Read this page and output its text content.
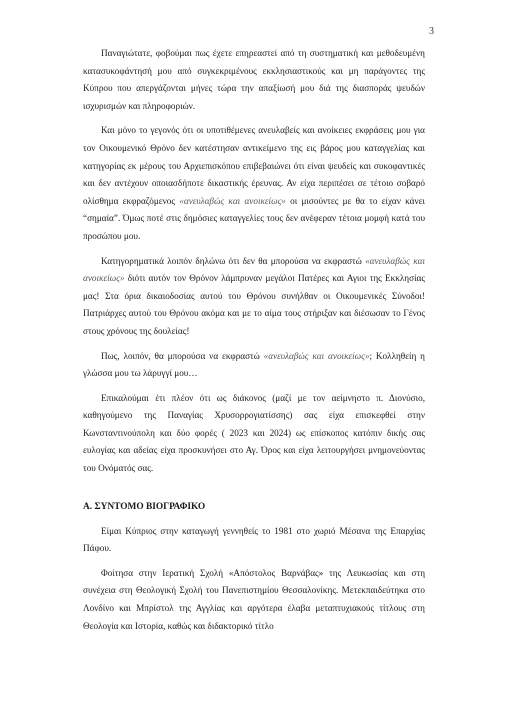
3

Παναγιώτατε, φοβούμαι πως έχετε επηρεαστεί από τη συστηματική και μεθοδευμένη κατασυκοφάντησή μου από συγκεκριμένους εκκλησιαστικούς και μη παράγοντες της Κύπρου που απεργάζονται μήνες τώρα την απαξίωσή μου διά της διασποράς ψευδών ισχυρισμών και πληροφοριών.

Και μόνο το γεγονός ότι οι υποτιθέμενες ανευλαβείς και ανοίκειες εκφράσεις μου για τον Οικουμενικό Θρόνο δεν κατέστησαν αντικείμενο της εις βάρος μου καταγγελίας και κατηγορίας εκ μέρους του Αρχιεπισκόπου επιβεβαιώνει ότι είναι ψευδείς και συκοφαντικές και δεν αντέχουν οποιασδήποτε δικαστικής έρευνας. Αν είχα περιπέσει σε τέτοιο σοβαρό ολίσθημα εκφραζόμενος «ανευλαβώς και ανοικείως» οι μισούντες με θα το είχαν κάνει “σημαία”. Όμως ποτέ στις δημόσιες καταγγελίες τους δεν ανέφεραν τέτοια μομφή κατά του προσώπου μου.

Κατηγορηματικά λοιπόν δηλώνω ότι δεν θα μπορούσα να εκφραστώ «ανευλαβώς και ανοικείως» διότι αυτόν τον Θρόνον λάμπρυναν μεγάλοι Πατέρες και Αγιοι της Εκκλησίας μας! Στα όρια δικαιοδοσίας αυτού του Θρόνου συνήλθαν οι Οικουμενικές Σύνοδοι! Πατριάρχες αυτού του Θρόνου ακόμα και με το αίμα τους στήριξαν και διέσωσαν το Γένος στους χρόνους της δουλείας!

Πως, λοιπόν, θα μπορούσα να εκφραστώ «ανευλαβώς και ανοικείως»; Κολληθείη η γλώσσα μου τω λάρυγγί μου…

Επικαλούμαι έτι πλέον ότι ως διάκονος (μαζί με τον αείμνηστο π. Διονύσιο, καθηγούμενο της Παναγίας Χρυσορρογιατίσσης) σας είχα επισκεφθεί στην Κωνσταντινούπολη και δύο φορές ( 2023 και 2024) ως επίσκοπος κατόπιν δικής σας ευλογίας και αδείας είχα προσκυνήσει στο Αγ. Όρος και είχα λειτουργήσει μνημονεύοντας του Ονόματός σας.

Α. ΣΥΝΤΟΜΟ ΒΙΟΓΡΑΦΙΚΟ

Είμαι Κύπριος στην καταγωγή γεννηθείς το 1981 στο χωριό Μέσανα της Επαρχίας Πάφου.

Φοίτησα στην Ιερατική Σχολή «Απόστολος Βαρνάβας» της Λευκωσίας και στη συνέχεια στη Θεολογική Σχολή του Πανεπιστημίου Θεσσαλονίκης. Μετεκπαιδεύτηκα στο Λονδίνο και Μπρίστολ της Αγγλίας και αργότερα έλαβα μεταπτυχιακούς τίτλους στη Θεολογία και Ιστορία, καθώς και διδακτορικό τίτλο
